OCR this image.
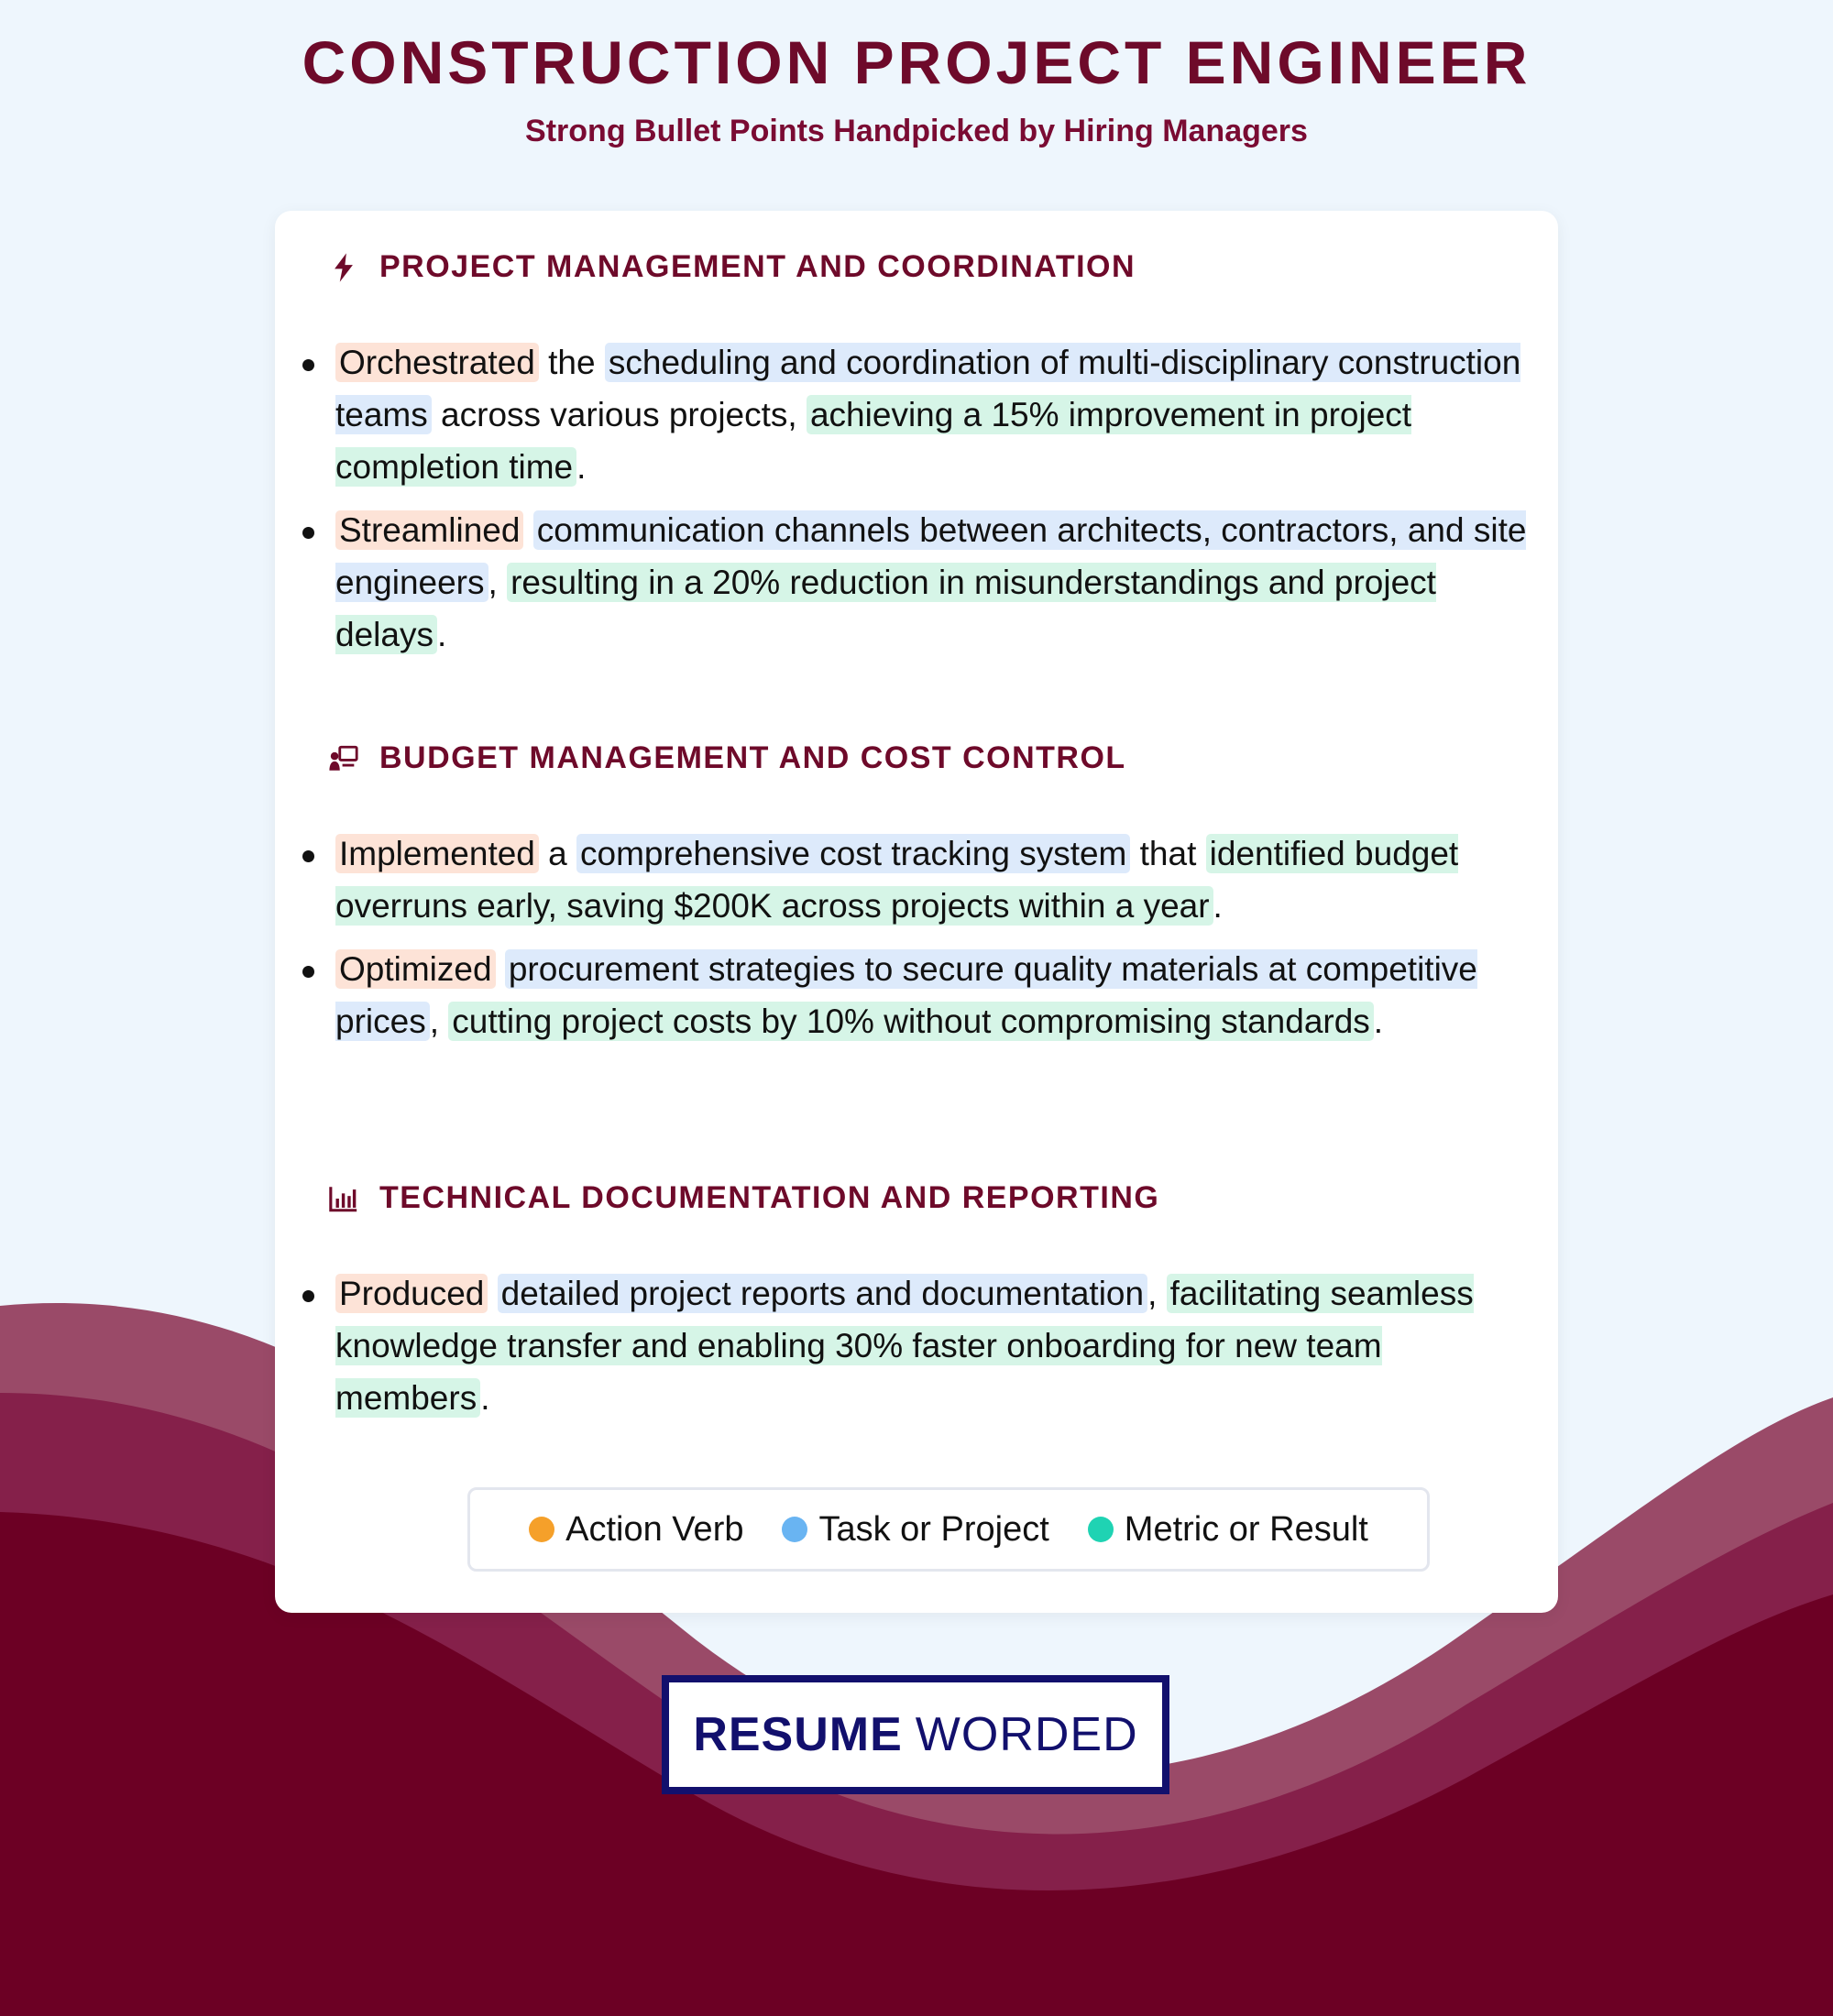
CONSTRUCTION PROJECT ENGINEER
Strong Bullet Points Handpicked by Hiring Managers
PROJECT MANAGEMENT AND COORDINATION
Orchestrated the scheduling and coordination of multi-disciplinary construction teams across various projects, achieving a 15% improvement in project completion time .
Streamlined communication channels between architects, contractors, and site engineers , resulting in a 20% reduction in misunderstandings and project delays .
BUDGET MANAGEMENT AND COST CONTROL
Implemented a comprehensive cost tracking system that identified budget overruns early, saving $200K across projects within a year .
Optimized procurement strategies to secure quality materials at competitive prices , cutting project costs by 10% without compromising standards .
TECHNICAL DOCUMENTATION AND REPORTING
Produced detailed project reports and documentation , facilitating seamless knowledge transfer and enabling 30% faster onboarding for new team members .
Action Verb Task or Project Metric or Result
RESUME WORDED
